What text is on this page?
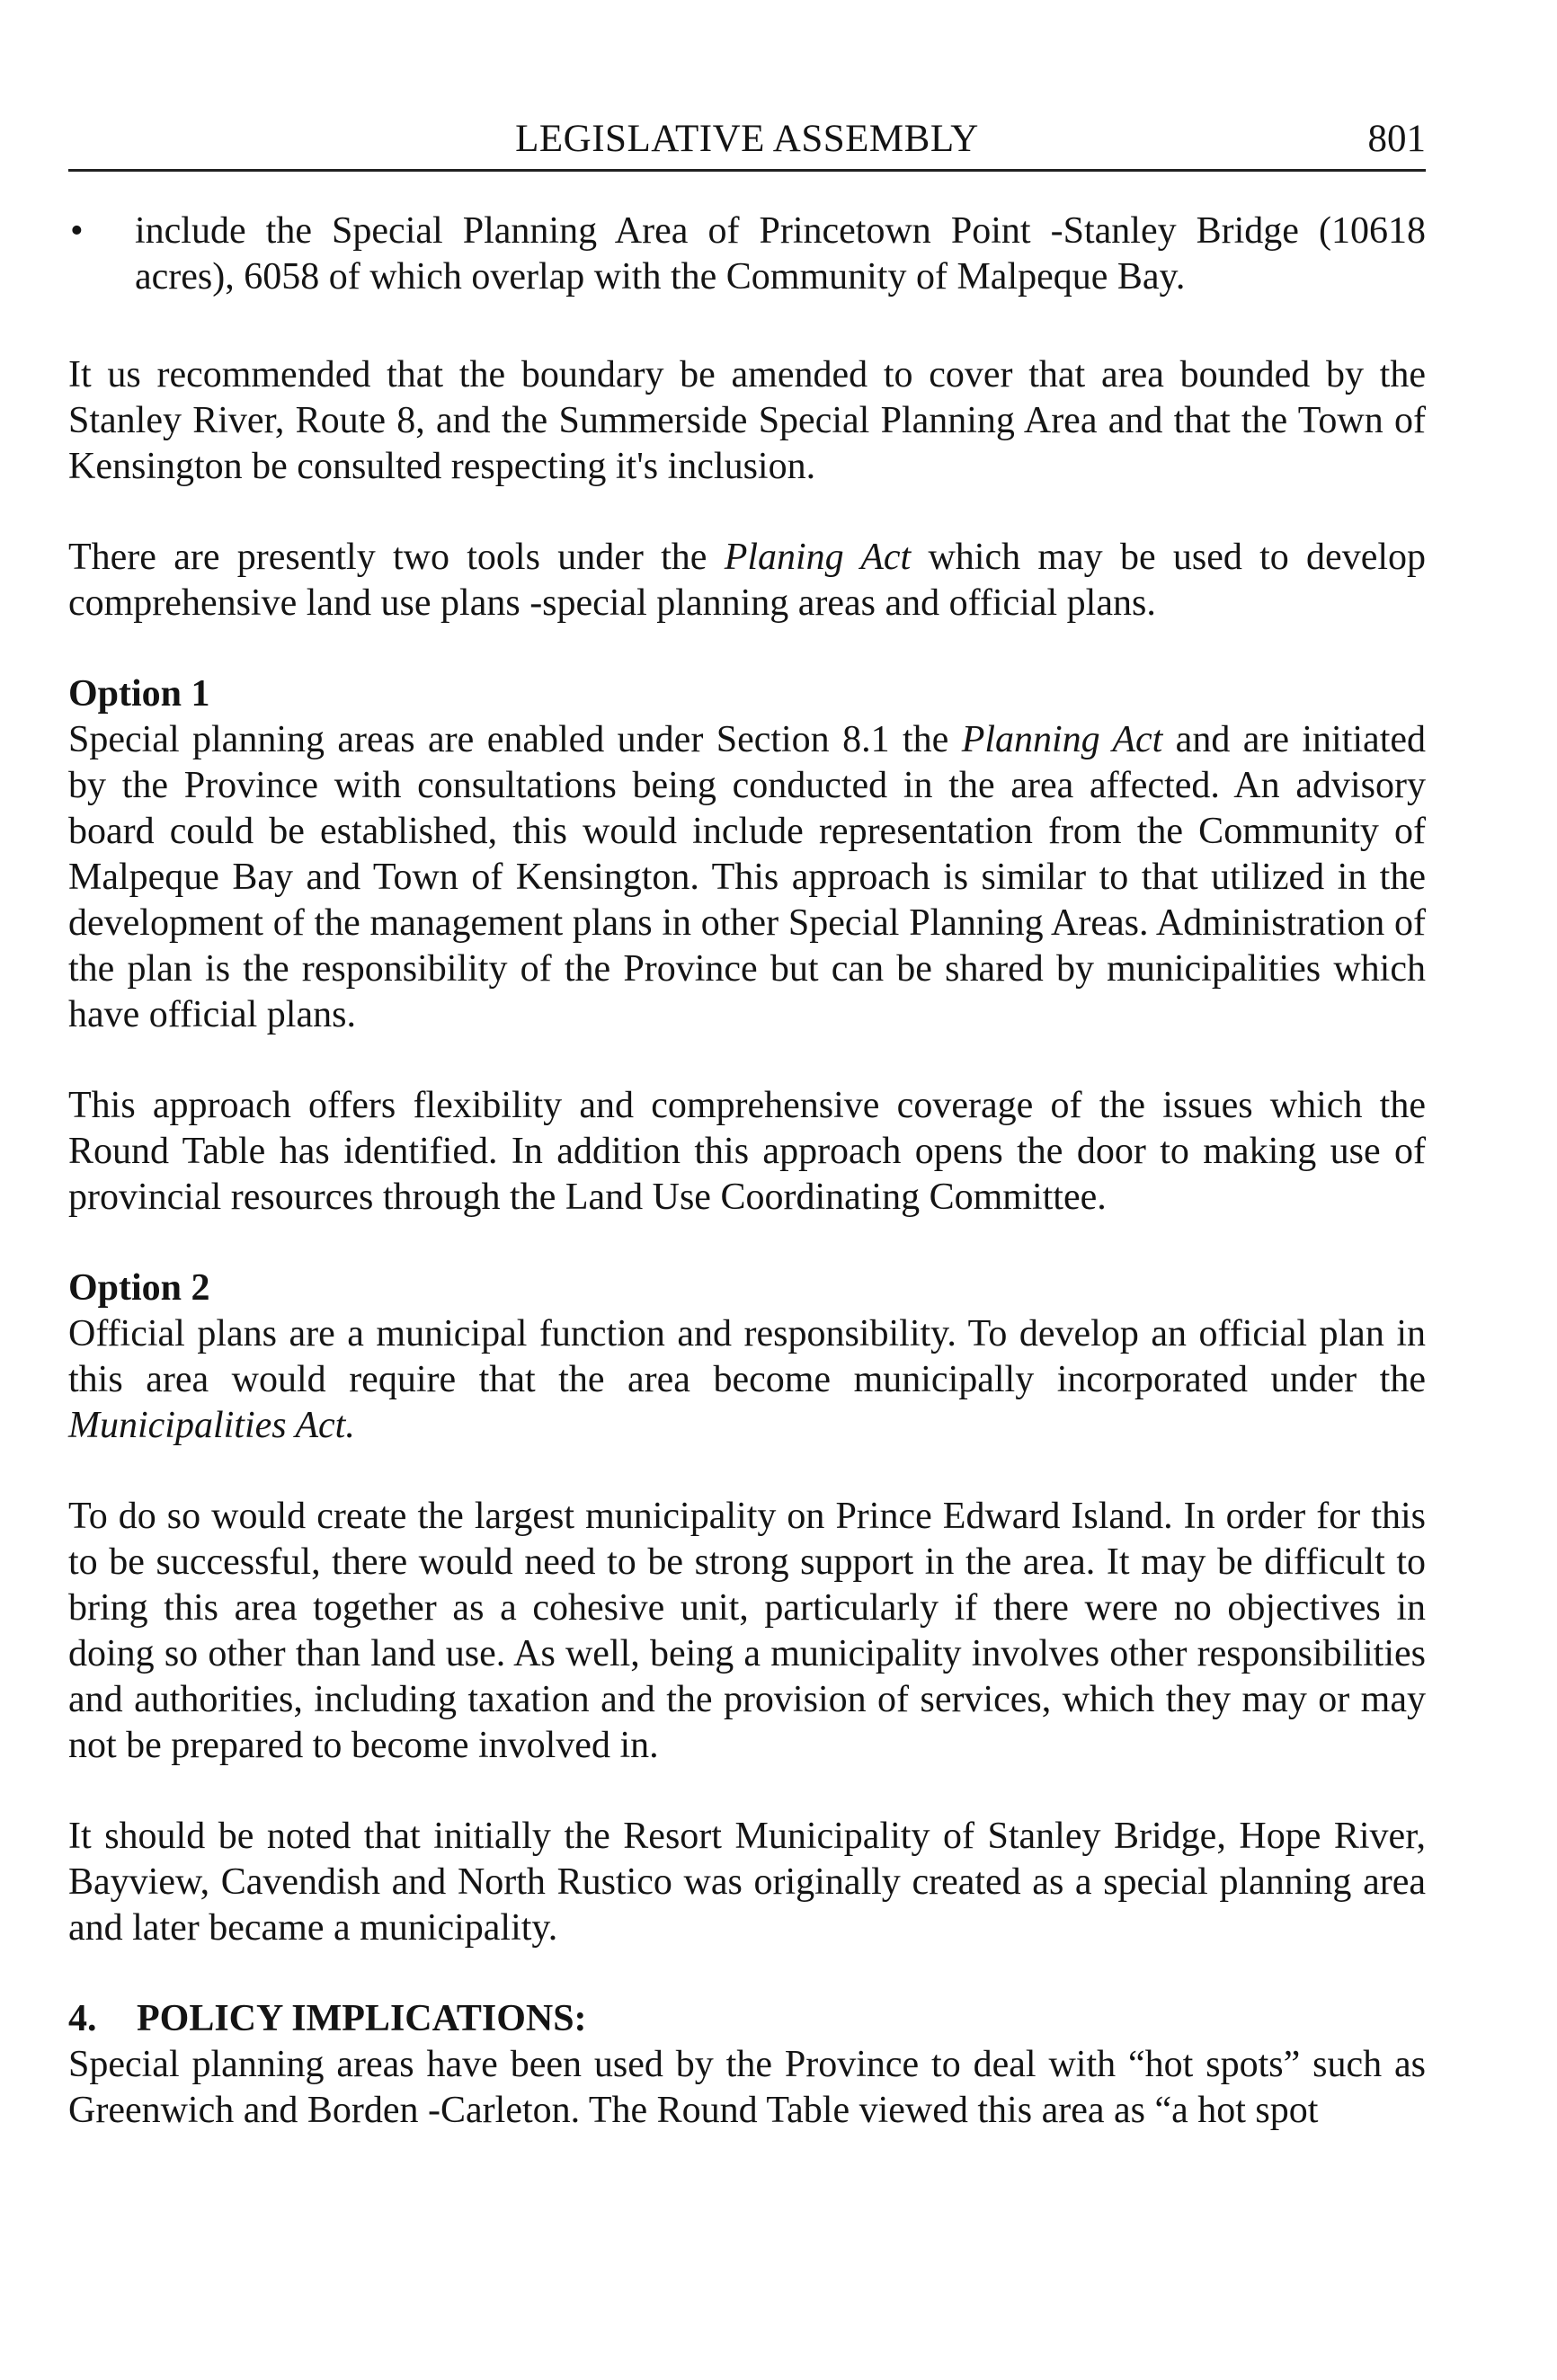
LEGISLATIVE ASSEMBLY	801
•	include the Special Planning Area of Princetown Point -Stanley Bridge (10618 acres), 6058 of which overlap with the Community of Malpeque Bay.

It us recommended that the boundary be amended to cover that area bounded by the Stanley River, Route 8, and the Summerside Special Planning Area and that the Town of Kensington be consulted respecting it's inclusion.

There are presently two tools under the Planing Act which may be used to develop comprehensive land use plans -special planning areas and official plans.

Option 1

Special planning areas are enabled under Section 8.1 the Planning Act and are initiated by the Province with consultations being conducted in the area affected. An advisory board could be established, this would include representation from the Community of Malpeque Bay and Town of Kensington. This approach is similar to that utilized in the development of the management plans in other Special Planning Areas. Administration of the plan is the responsibility of the Province but can be shared by municipalities which have official plans.

This approach offers flexibility and comprehensive coverage of the issues which the Round Table has identified. In addition this approach opens the door to making use of provincial resources through the Land Use Coordinating Committee.

Option 2

Official plans are a municipal function and responsibility. To develop an official plan in this area would require that the area become municipally incorporated under the Municipalities Act.

To do so would create the largest municipality on Prince Edward Island. In order for this to be successful, there would need to be strong support in the area. It may be difficult to bring this area together as a cohesive unit, particularly if there were no objectives in doing so other than land use. As well, being a municipality involves other responsibilities and authorities, including taxation and the provision of services, which they may or may not be prepared to become involved in.

It should be noted that initially the Resort Municipality of Stanley Bridge, Hope River, Bayview, Cavendish and North Rustico was originally created as a special planning area and later became a municipality.

4.	POLICY IMPLICATIONS:

Special planning areas have been used by the Province to deal with “hot spots” such as Greenwich and Borden -Carleton. The Round Table viewed this area as “a hot spot
